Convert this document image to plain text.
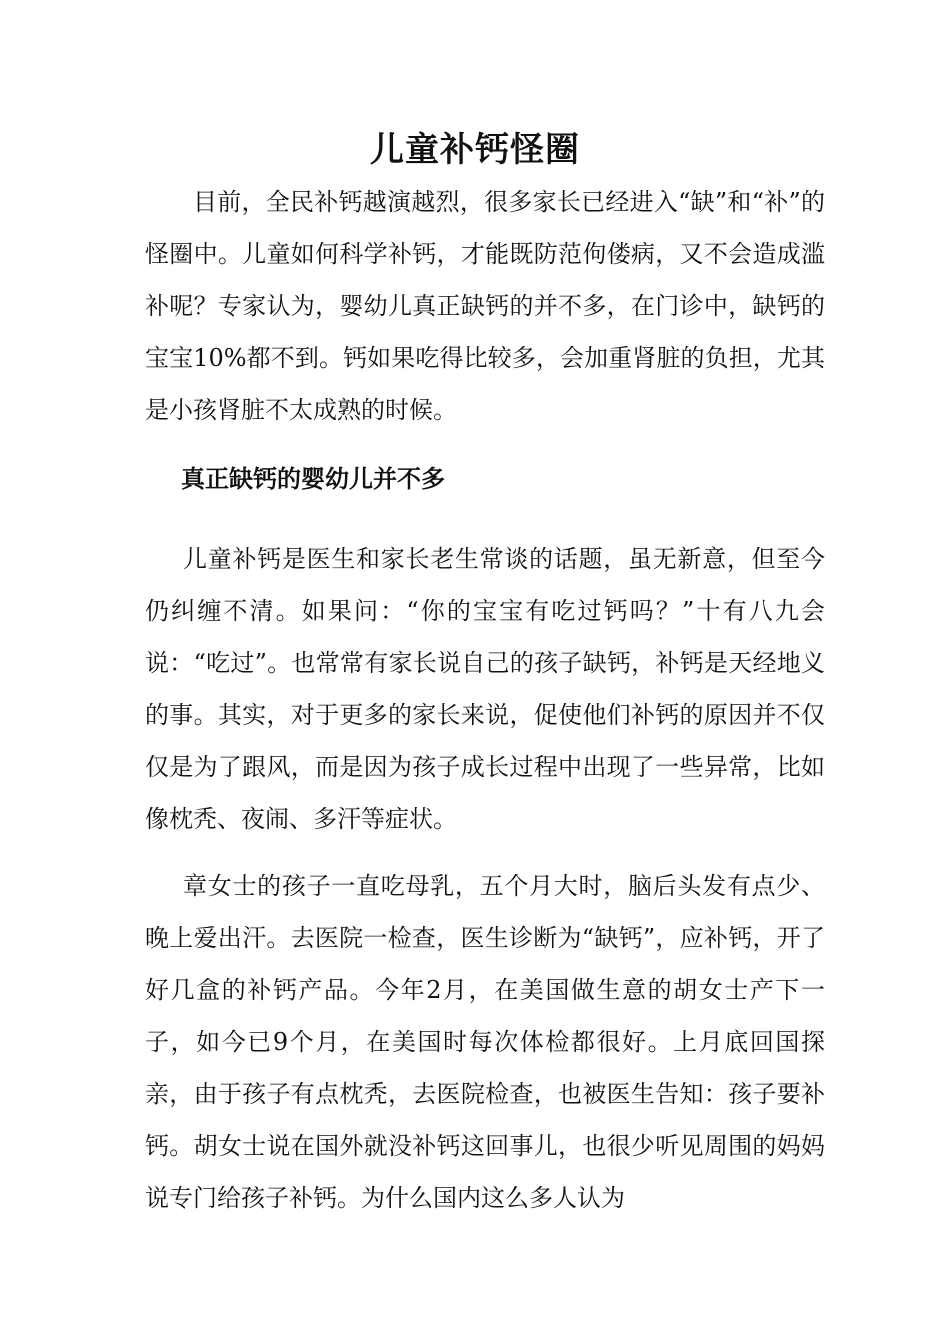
儿童补钙怪圈

目前，全民补钙越演越烈，很多家长已经进入“缺”和“补”的怪圈中。儿童如何科学补钙，才能既防范佝偻病，又不会造成滥补呢？专家认为，婴幼儿真正缺钙的并不多，在门诊中，缺钙的宝宝10%都不到。钙如果吃得比较多，会加重肾脏的负担，尤其是小孩肾脏不太成熟的时候。

真正缺钙的婴幼儿并不多

儿童补钙是医生和家长老生常谈的话题，虽无新意，但至今仍纠缠不清。如果问：“你的宝宝有吃过钙吗？”十有八九会说：“吃过”。也常常有家长说自己的孩子缺钙，补钙是天经地义的事。其实，对于更多的家长来说，促使他们补钙的原因并不仅仅是为了跟风，而是因为孩子成长过程中出现了一些异常，比如像枕秃、夜闹、多汗等症状。

章女士的孩子一直吃母乳，五个月大时，脑后头发有点少、晚上爱出汗。去医院一检查，医生诊断为“缺钙”，应补钙，开了好几盒的补钙产品。今年2月，在美国做生意的胡女士产下一子，如今已9个月，在美国时每次体检都很好。上月底回国探亲，由于孩子有点枕秃，去医院检查，也被医生告知：孩子要补钙。胡女士说在国外就没补钙这回事儿，也很少听见周围的妈妈说专门给孩子补钙。为什么国内这么多人认为
